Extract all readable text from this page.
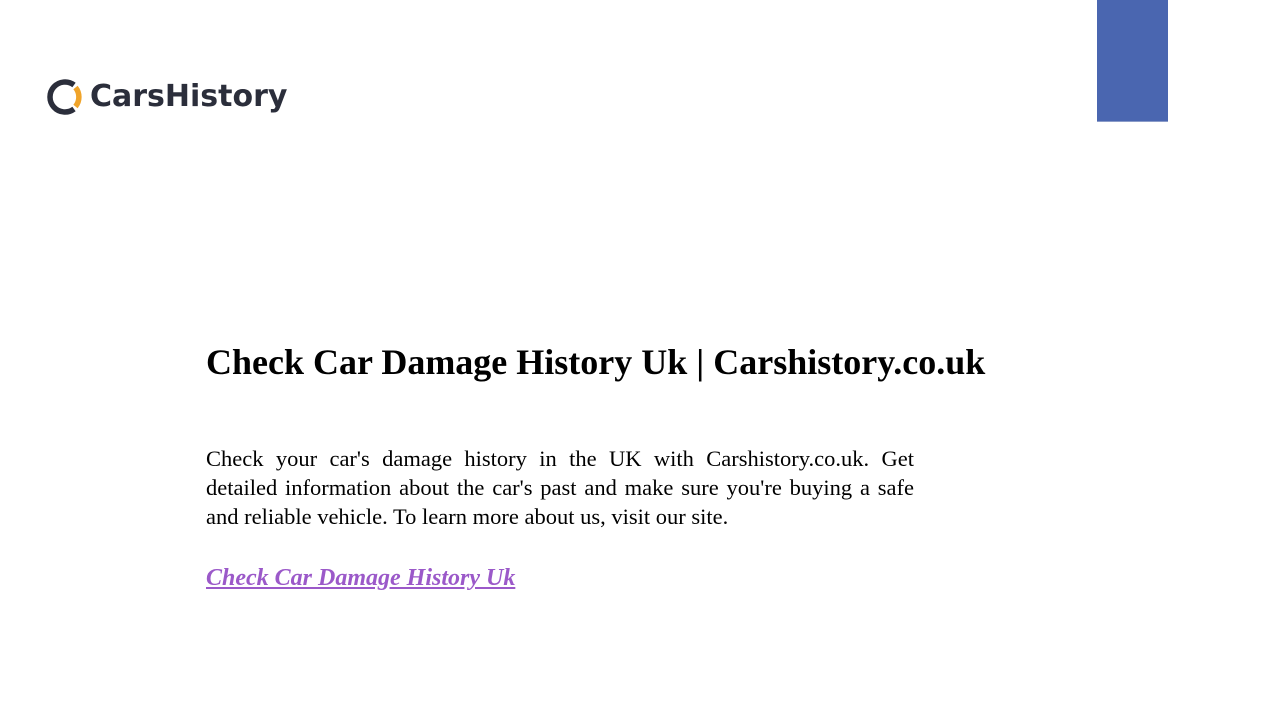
CarsHistory
Check Car Damage History Uk | Carshistory.co.uk

Check your car's damage history in the UK with Carshistory.co.uk. Get detailed information about the car's past and make sure you're buying a safe and reliable vehicle. To learn more about us, visit our site.

Check Car Damage History Uk
